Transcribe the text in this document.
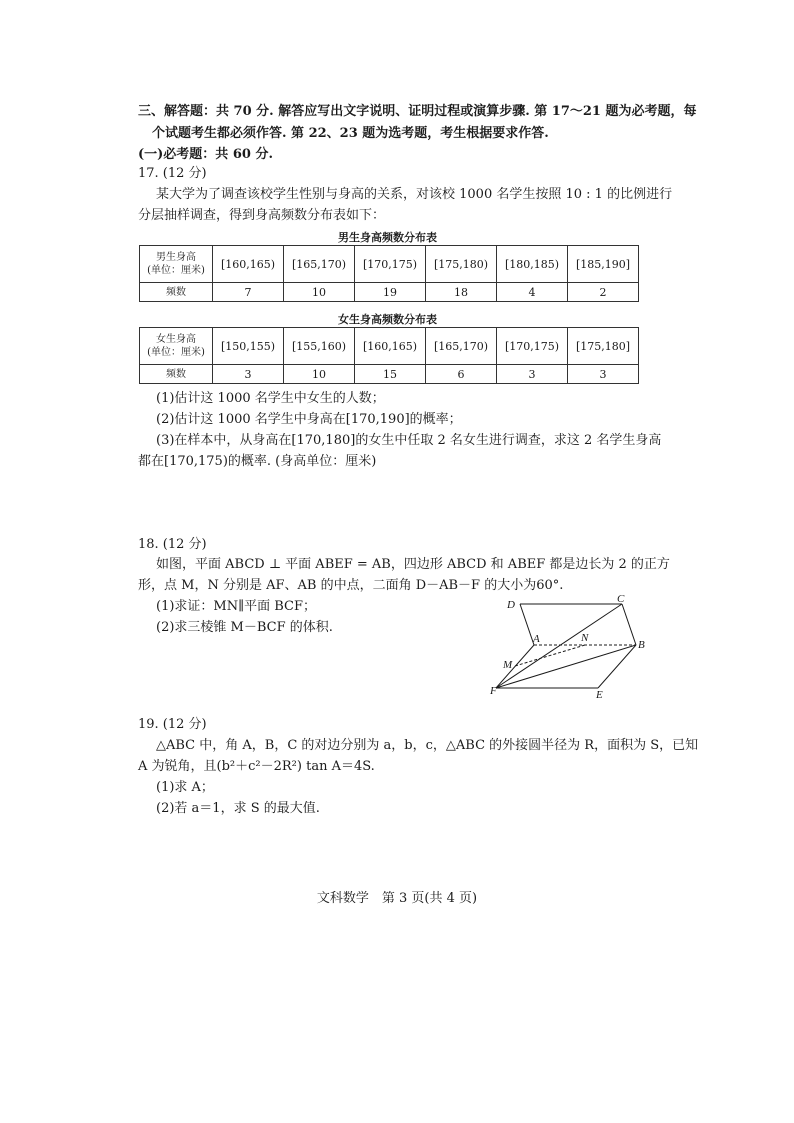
三、解答题：共 70 分. 解答应写出文字说明、证明过程或演算步骤. 第 17～21 题为必考题，每
个试题考生都必须作答. 第 22、23 题为选考题，考生根据要求作答.
(一)必考题：共 60 分.
17. (12 分)
某大学为了调查该校学生性别与身高的关系，对该校 1000 名学生按照 10 : 1 的比例进行
分层抽样调查，得到身高频数分布表如下：
男生身高频数分布表
男生身高
(单位：厘米)	[160,165)	[165,170)	[170,175)	[175,180)	[180,185)	[185,190]
频数	7	10	19	18	4	2
女生身高频数分布表
女生身高
(单位：厘米)	[150,155)	[155,160)	[160,165)	[165,170)	[170,175)	[175,180]
频数	3	10	15	6	3	3
(1)估计这 1000 名学生中女生的人数；
(2)估计这 1000 名学生中身高在[170,190]的概率；
(3)在样本中，从身高在[170,180]的女生中任取 2 名女生进行调查，求这 2 名学生身高
都在[170,175)的概率. (身高单位：厘米)
18. (12 分)
如图，平面 ABCD ⊥ 平面 ABEF = AB，四边形 ABCD 和 ABEF 都是边长为 2 的正方
形，点 M，N 分别是 AF、AB 的中点，二面角 D－AB－F 的大小为60°.
(1)求证：MN∥平面 BCF；
(2)求三棱锥 M－BCF 的体积.
D	C
A	N
B
M
F	E
19. (12 分)
△ABC 中，角 A，B，C 的对边分别为 a，b，c，△ABC 的外接圆半径为 R，面积为 S，已知
A 为锐角，且(b²＋c²－2R²) tan A＝4S.
(1)求 A；
(2)若 a＝1，求 S 的最大值.
文科数学　第 3 页(共 4 页)
